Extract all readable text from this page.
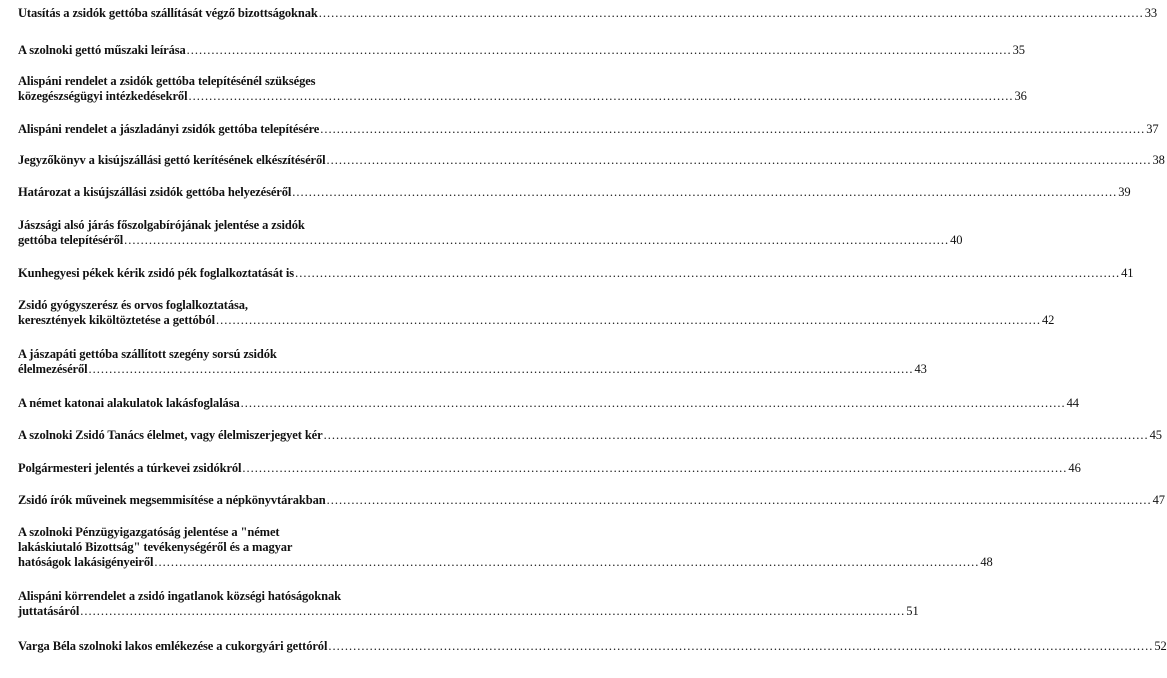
Utasítás a zsidók gettóba szállítását végző bizottságoknak .....	33
A szolnoki gettó műszaki leírása .....	35
Alispáni rendelet a zsidók gettóba telepítésénél szükséges
közegészségügyi intézkedésekről .....	36
Alispáni rendelet a jászladányi zsidók gettóba telepítésére .....	37
Jegyzőkönyv a kisújszállási gettó kerítésének elkészítéséről .....	38
Határozat a kisújszállási zsidók gettóba helyezéséről .....	39
Jászsági alsó járás főszolgabírójának jelentése a zsidók
gettóba telepítéséről .....	40
Kunhegyesi pékek kérik zsidó pék foglalkoztatását is .....	41
Zsidó gyógyszerész és orvos foglalkoztatása,
keresztények kiköltöztetése a gettóból .....	42
A jászapáti gettóba szállított szegény sorsú zsidók
élelmezéséről .....	43
A német katonai alakulatok lakásfoglalása .....	44
A szolnoki Zsidó Tanács élelmet, vagy élelmiszerjegyet kér .....	45
Polgármesteri jelentés a túrkevei zsidókról .....	46
Zsidó írók műveinek megsemmisítése a népkönyvtárakban .....	47
A szolnoki Pénzügyigazgatóság jelentése a "német
lakáskiutaló Bizottság" tevékenységéről és a magyar
hatóságok lakásigényeiről .....	48
Alispáni körrendelet a zsidó ingatlanok községi hatóságoknak
juttatásáról .....	51
Varga Béla szolnoki lakos emlékezése a cukorgyári gettóról .....	52
